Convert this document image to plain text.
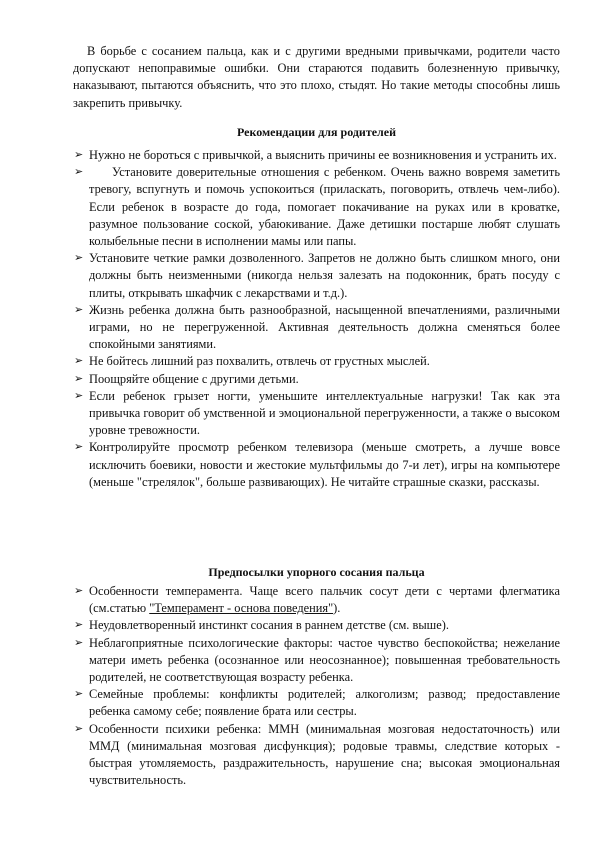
В борьбе с сосанием пальца, как и с другими вредными привычками, родители часто допускают непоправимые ошибки. Они стараются подавить болезненную привычку, наказывают, пытаются объяснить, что это плохо, стыдят. Но такие методы способны лишь закрепить привычку.

Рекомендации для родителей

➢ Нужно не бороться с привычкой, а выяснить причины ее возникновения и устранить их.
➢ Установите доверительные отношения с ребенком. Очень важно вовремя заметить тревогу, вспугнуть и помочь успокоиться (приласкать, поговорить, отвлечь чем-либо). Если ребенок в возрасте до года, помогает покачивание на руках или в кроватке, разумное пользование соской, убаюкивание. Даже детишки постарше любят слушать колыбельные песни в исполнении мамы или папы.
➢ Установите четкие рамки дозволенного. Запретов не должно быть слишком много, они должны быть неизменными (никогда нельзя залезать на подоконник, брать посуду с плиты, открывать шкафчик с лекарствами и т.д.).
➢ Жизнь ребенка должна быть разнообразной, насыщенной впечатлениями, различными играми, но не перегруженной. Активная деятельность должна сменяться более спокойными занятиями.
➢ Не бойтесь лишний раз похвалить, отвлечь от грустных мыслей.
➢ Поощряйте общение с другими детьми.
➢ Если ребенок грызет ногти, уменьшите интеллектуальные нагрузки! Так как эта привычка говорит об умственной и эмоциональной перегруженности, а также о высоком уровне тревожности.
➢ Контролируйте просмотр ребенком телевизора (меньше смотреть, а лучше вовсе исключить боевики, новости и жестокие мультфильмы до 7-и лет), игры на компьютере (меньше "стрелялок", больше развивающих). Не читайте страшные сказки, рассказы.

Предпосылки упорного сосания пальца

➢ Особенности темперамента. Чаще всего пальчик сосут дети с чертами флегматика (см.статью "Темперамент - основа поведения").
➢ Неудовлетворенный инстинкт сосания в раннем детстве (см. выше).
➢ Неблагоприятные психологические факторы: частое чувство беспокойства; нежелание матери иметь ребенка (осознанное или неосознанное); повышенная требовательность родителей, не соответствующая возрасту ребенка.
➢ Семейные проблемы: конфликты родителей; алкоголизм; развод; предоставление ребенка самому себе; появление брата или сестры.
➢ Особенности психики ребенка: ММН (минимальная мозговая недостаточность) или ММД (минимальная мозговая дисфункция); родовые травмы, следствие которых - быстрая утомляемость, раздражительность, нарушение сна; высокая эмоциональная чувствительность.
